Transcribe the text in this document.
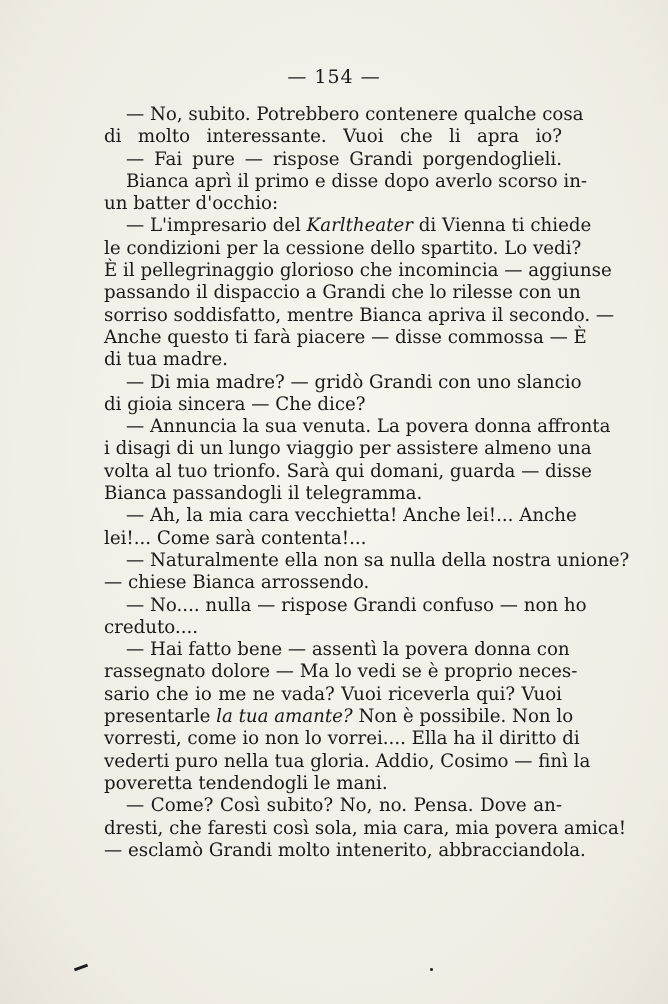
— 154 —
— No, subito. Potrebbero contenere qualche cosa
di molto interessante. Vuoi che li apra io?
— Fai pure — rispose Grandi porgendoglieli.
Bianca aprì il primo e disse dopo averlo scorso in-
un batter d'occhio:
— L'impresario del Karltheater di Vienna ti chiede
le condizioni per la cessione dello spartito. Lo vedi?
È il pellegrinaggio glorioso che incomincia — aggiunse
passando il dispaccio a Grandi che lo rilesse con un
sorriso soddisfatto, mentre Bianca apriva il secondo. —
Anche questo ti farà piacere — disse commossa — È
di tua madre.
— Di mia madre? — gridò Grandi con uno slancio
di gioia sincera — Che dice?
— Annuncia la sua venuta. La povera donna affronta
i disagi di un lungo viaggio per assistere almeno una
volta al tuo trionfo. Sarà qui domani, guarda — disse
Bianca passandogli il telegramma.
— Ah, la mia cara vecchietta! Anche lei!... Anche
lei!... Come sarà contenta!...
— Naturalmente ella non sa nulla della nostra unione?
— chiese Bianca arrossendo.
— No.... nulla — rispose Grandi confuso — non ho
creduto....
— Hai fatto bene — assentì la povera donna con
rassegnato dolore — Ma lo vedi se è proprio neces-
sario che io me ne vada? Vuoi riceverla qui? Vuoi
presentarle la tua amante? Non è possibile. Non lo
vorresti, come io non lo vorrei.... Ella ha il diritto di
vederti puro nella tua gloria. Addio, Cosimo — finì la
poveretta tendendogli le mani.
— Come? Così subito? No, no. Pensa. Dove an-
dresti, che faresti così sola, mia cara, mia povera amica!
— esclamò Grandi molto intenerito, abbracciandola.
